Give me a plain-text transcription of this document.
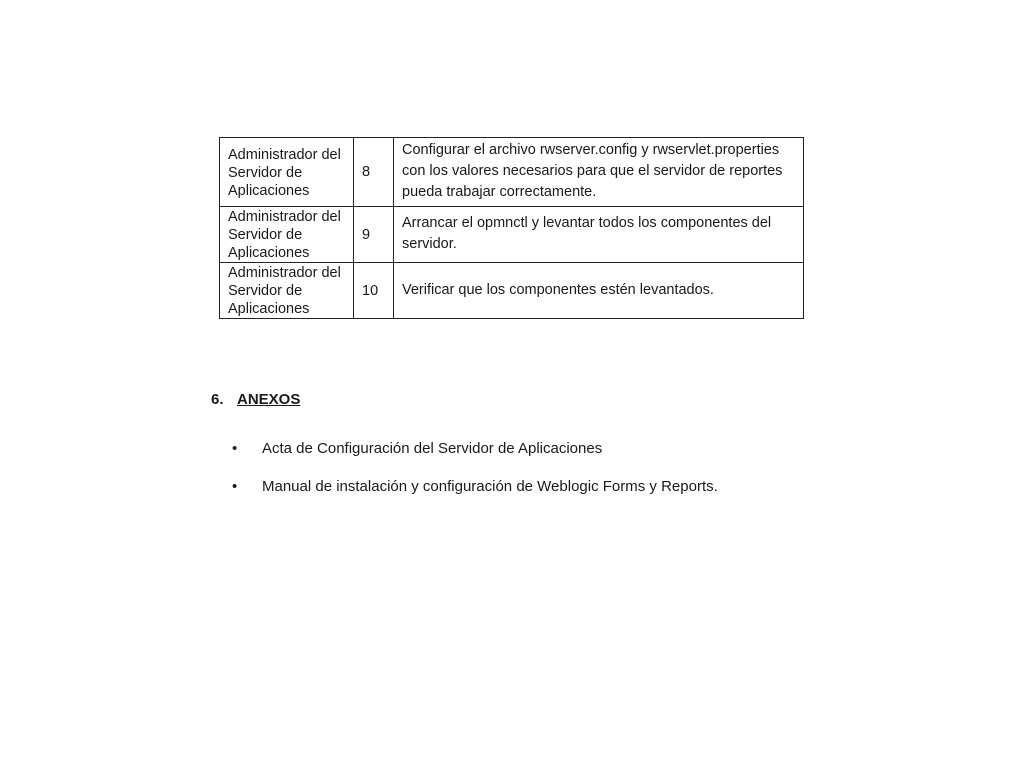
Administrador del Servidor de Aplicaciones	8	Configurar el archivo rwserver.config y rwservlet.properties con los valores necesarios para que el servidor de reportes pueda trabajar correctamente.
Administrador del Servidor de Aplicaciones	9	Arrancar el opmnctl y levantar todos los componentes del servidor.
Administrador del Servidor de Aplicaciones	10	Verificar que los componentes estén levantados.
6. ANEXOS
•	Acta de Configuración del Servidor de Aplicaciones
•	Manual de instalación y configuración de Weblogic Forms y Reports.
